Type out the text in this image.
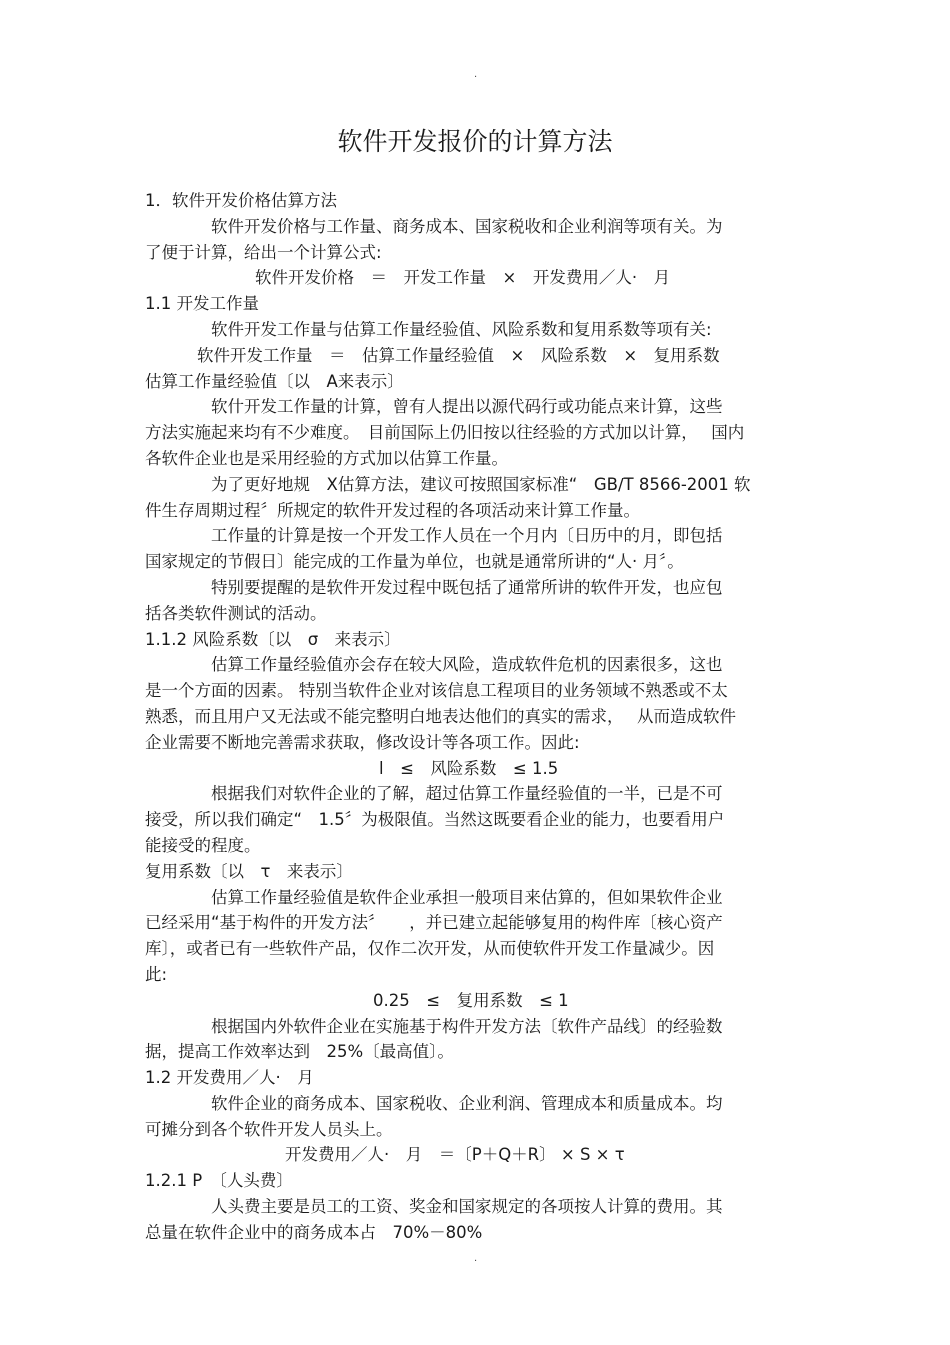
.
软件开发报价的计算方法
1．软件开发价格估算方法
软件开发价格与工作量、商务成本、国家税收和企业利润等项有关。为
了便于计算，给出一个计算公式:
软件开发价格　＝　开发工作量　×　开发费用／人·　月
1.1 开发工作量
软件开发工作量与估算工作量经验值、风险系数和复用系数等项有关:
软件开发工作量　＝　估算工作量经验值　×　风险系数　×　复用系数
估算工作量经验值〔以　A来表示〕
软什开发工作量的计算，曾有人提出以源代码行或功能点来计算，这些
方法实施起来均有不少难度。　目前国际上仍旧按以往经验的方式加以计算，　 国内
各软件企业也是采用经验的方式加以估算工作量。
为了更好地规　X估算方法，建议可按照国家标准“　GB∕T 8566-2001 软
件生存周期过程〞所规定的软件开发过程的各项活动来计算工作量。
工作量的计算是按一个开发工作人员在一个月内〔日历中的月，即包括
国家规定的节假日〕能完成的工作量为单位，也就是通常所讲的“人· 月〞。
特别要提醒的是软件开发过程中既包括了通常所讲的软件开发，也应包
括各类软件测试的活动。
1.1.2 风险系数〔以　σ　来表示〕
估算工作量经验值亦会存在较大风险，造成软件危机的因素很多，这也
是一个方面的因素。 特别当软件企业对该信息工程项目的业务领域不熟悉或不太
熟悉，而且用户又无法或不能完整明白地表达他们的真实的需求，　 从而造成软件
企业需要不断地完善需求获取，修改设计等各项工作。因此:
l　≤　风险系数　≤ 1.5
根据我们对软件企业的了解，超过估算工作量经验值的一半，已是不可
接受，所以我们确定“　1.5〞为极限值。当然这既要看企业的能力，也要看用户
能接受的程度。
复用系数〔以　τ　来表示〕
估算工作量经验值是软件企业承担一般项目来估算的，但如果软件企业
已经采用“基于构件的开发方法〞　　，并已建立起能够复用的构件库〔核心资产
库〕，或者已有一些软件产品，仅作二次开发，从而使软件开发工作量减少。因
此:
0.25　≤　复用系数　≤ 1
根据国内外软件企业在实施基于构件开发方法〔软件产品线〕的经验数
据，提高工作效率达到　25%〔最高值〕。
1.2 开发费用／人·　月
软件企业的商务成本、国家税收、企业利润、管理成本和质量成本。均
可摊分到各个软件开发人员头上。
开发费用／人·　月　＝〔P＋Q＋R〕 × S × τ
1.2.1 P　〔人头费〕
人头费主要是员工的工资、奖金和国家规定的各项按人计算的费用。其
总量在软件企业中的商务成本占　70%－80%
.
